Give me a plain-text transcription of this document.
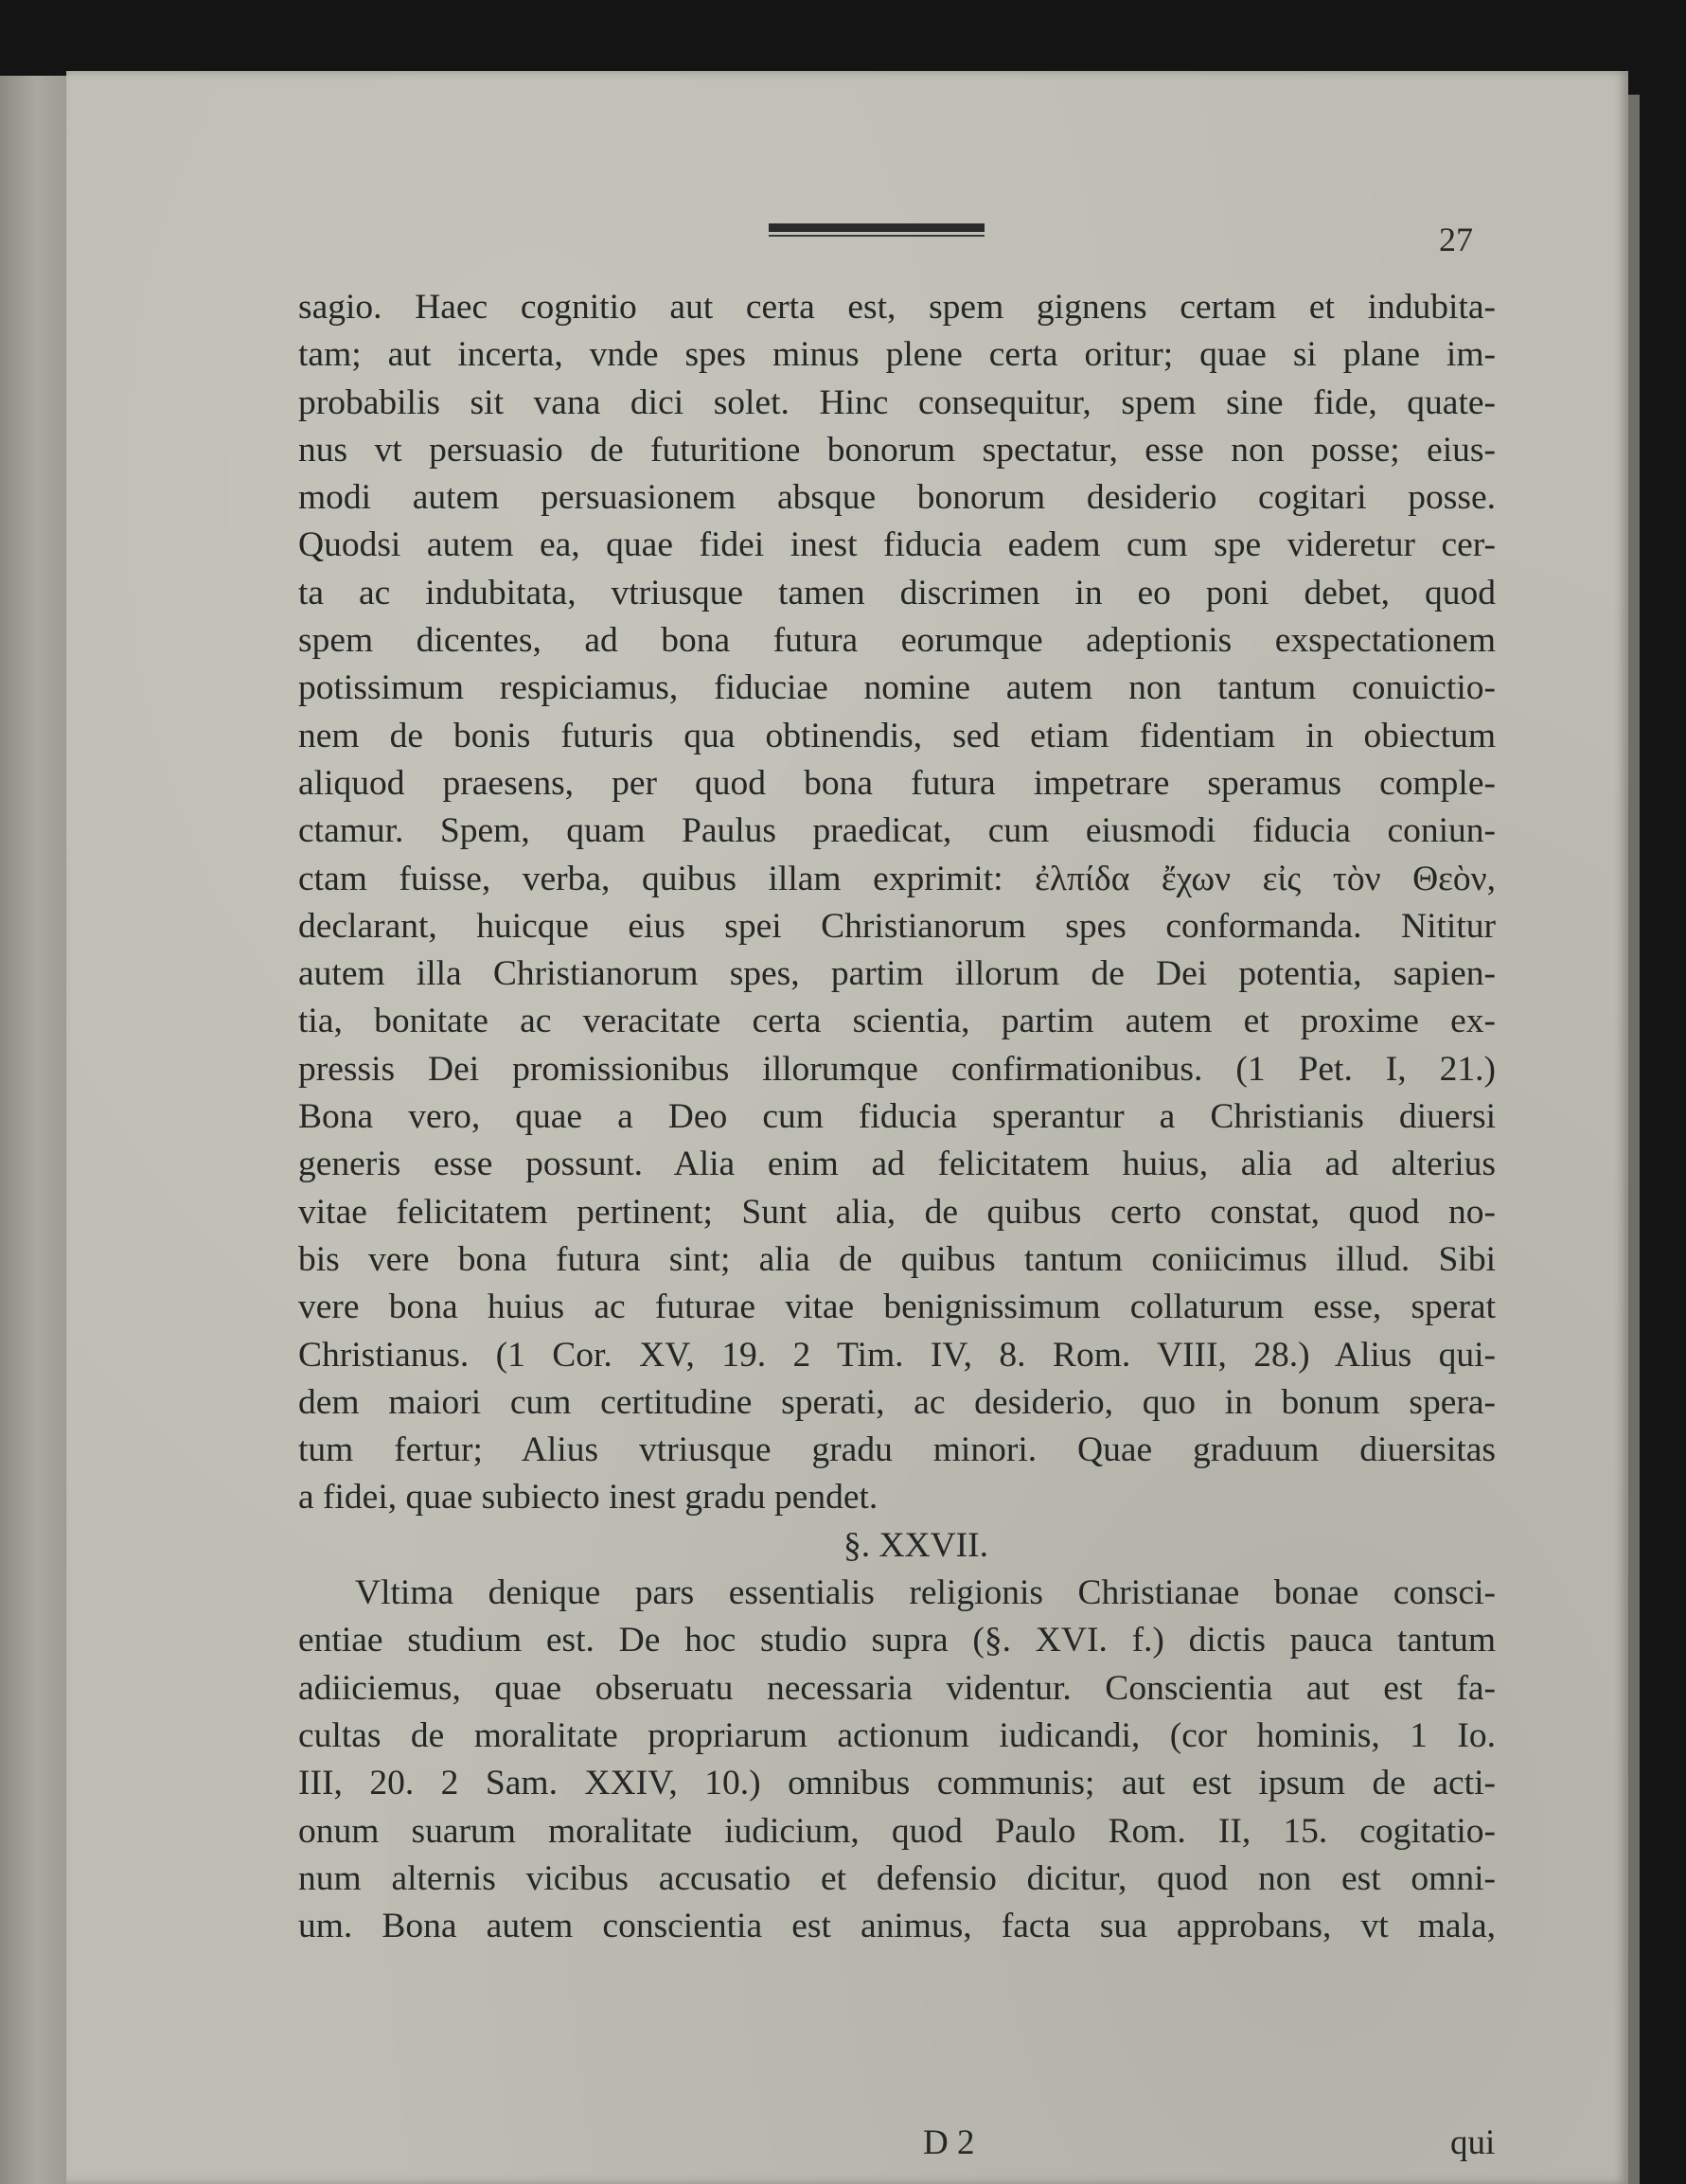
27
sagio. Haec cognitio aut certa est, spem gignens certam et indubita-
tam; aut incerta, vnde spes minus plene certa oritur; quae si plane im-
probabilis sit vana dici solet. Hinc consequitur, spem sine fide, quate-
nus vt persuasio de futuritione bonorum spectatur, esse non posse; eius-
modi autem persuasionem absque bonorum desiderio cogitari posse.
Quodsi autem ea, quae fidei inest fiducia eadem cum spe videretur cer-
ta ac indubitata, vtriusque tamen discrimen in eo poni debet, quod
spem dicentes, ad bona futura eorumque adeptionis exspectationem
potissimum respiciamus, fiduciae nomine autem non tantum conuictio-
nem de bonis futuris qua obtinendis, sed etiam fidentiam in obiectum
aliquod praesens, per quod bona futura impetrare speramus comple-
ctamur. Spem, quam Paulus praedicat, cum eiusmodi fiducia coniun-
ctam fuisse, verba, quibus illam exprimit: ἐλπίδα ἔχων εἰς τὸν Θεὸν,
declarant, huicque eius spei Christianorum spes conformanda. Nititur
autem illa Christianorum spes, partim illorum de Dei potentia, sapien-
tia, bonitate ac veracitate certa scientia, partim autem et proxime ex-
pressis Dei promissionibus illorumque confirmationibus. (1 Pet. I, 21.)
Bona vero, quae a Deo cum fiducia sperantur a Christianis diuersi
generis esse possunt. Alia enim ad felicitatem huius, alia ad alterius
vitae felicitatem pertinent; Sunt alia, de quibus certo constat, quod no-
bis vere bona futura sint; alia de quibus tantum coniicimus illud. Sibi
vere bona huius ac futurae vitae benignissimum collaturum esse, sperat
Christianus. (1 Cor. XV, 19. 2 Tim. IV, 8. Rom. VIII, 28.) Alius qui-
dem maiori cum certitudine sperati, ac desiderio, quo in bonum spera-
tum fertur; Alius vtriusque gradu minori. Quae graduum diuersitas
a fidei, quae subiecto inest gradu pendet.
§. XXVII.
Vltima denique pars essentialis religionis Christianae bonae consci-
entiae studium est. De hoc studio supra (§. XVI. f.) dictis pauca tantum
adiiciemus, quae obseruatu necessaria videntur. Conscientia aut est fa-
cultas de moralitate propriarum actionum iudicandi, (cor hominis, 1 Io.
III, 20. 2 Sam. XXIV, 10.) omnibus communis; aut est ipsum de acti-
onum suarum moralitate iudicium, quod Paulo Rom. II, 15. cogitatio-
num alternis vicibus accusatio et defensio dicitur, quod non est omni-
um. Bona autem conscientia est animus, facta sua approbans, vt mala,
D 2	qui
